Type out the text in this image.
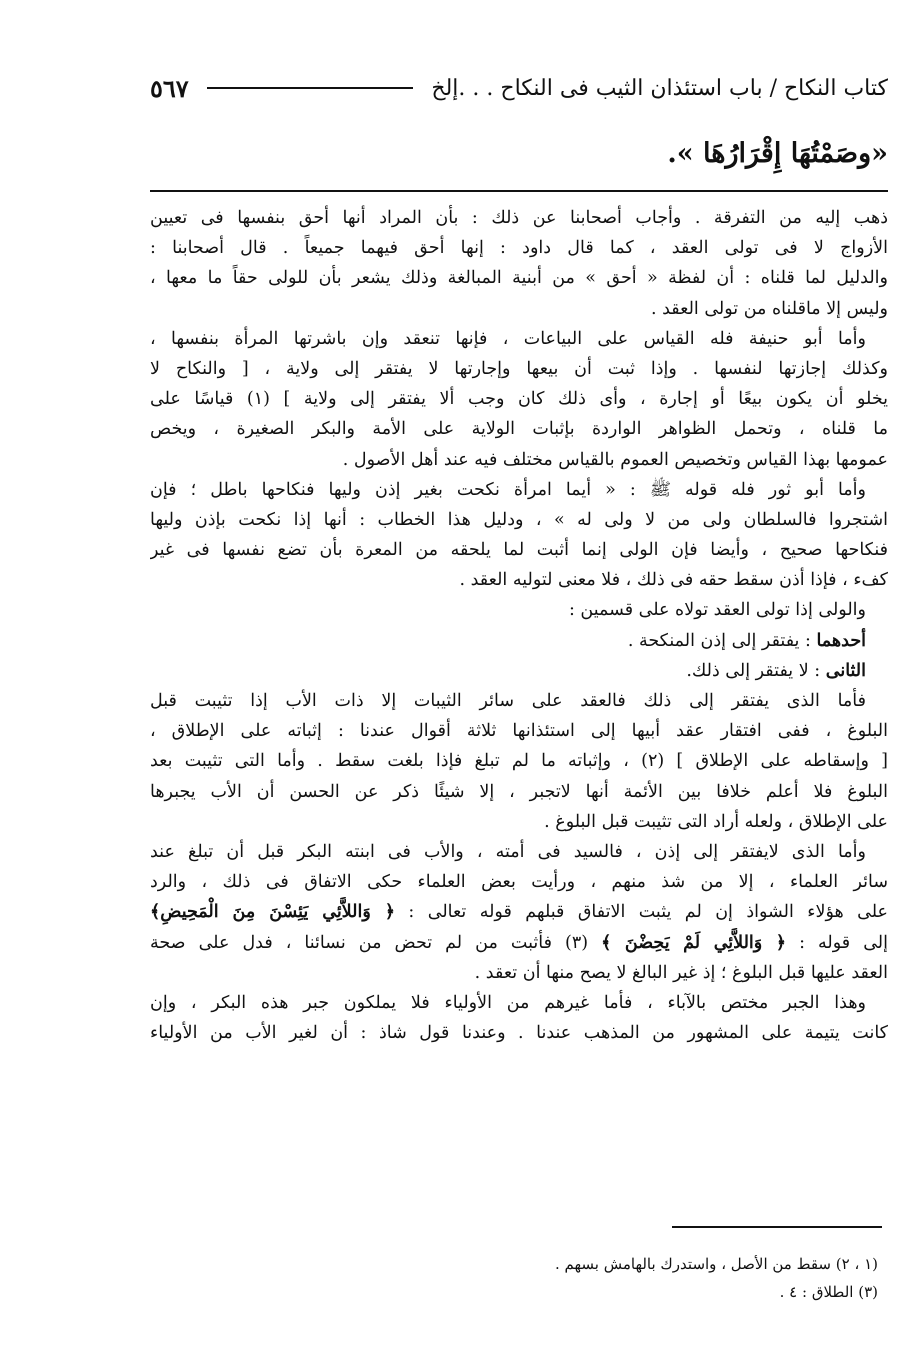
كتاب النكاح / باب استئذان الثيب فى النكاح . . .إلخ
٥٦٧
«وصَمْتُهَا إِقْرَارُهَا ».
ذهب إليه من التفرقة . وأجاب أصحابنا عن ذلك : بأن المراد أنها أحق بنفسها فى تعيين
الأزواج لا فى تولى العقد ، كما قال داود : إنها أحق فيهما جميعاً . قال أصحابنا :
والدليل لما قلناه : أن لفظة « أحق » من أبنية المبالغة وذلك يشعر بأن للولى حقاً ما معها ،
وليس إلا ماقلناه من تولى العقد .
وأما أبو حنيفة فله القياس على البياعات ، فإنها تنعقد وإن باشرتها المرأة بنفسها ،
وكذلك إجازتها لنفسها . وإذا ثبت أن بيعها وإجارتها لا يفتقر إلى ولاية ، [ والنكاح لا
يخلو أن يكون بيعًا أو إجارة ، وأى ذلك كان وجب ألا يفتقر إلى ولاية ] (١) قياسًا على
ما قلناه ، وتحمل الظواهر الواردة بإثبات الولاية على الأمة والبكر الصغيرة ، ويخص
عمومها بهذا القياس وتخصيص العموم بالقياس مختلف فيه عند أهل الأصول .
وأما أبو ثور فله قوله ﷺ : « أيما امرأة نكحت بغير إذن وليها فنكاحها باطل ؛ فإن
اشتجروا فالسلطان ولى من لا ولى له » ، ودليل هذا الخطاب : أنها إذا نكحت بإذن وليها
فنكاحها صحيح ، وأيضا فإن الولى إنما أثبت لما يلحقه من المعرة بأن تضع نفسها فى غير
كفء ، فإذا أذن سقط حقه فى ذلك ، فلا معنى لتوليه العقد .
والولى إذا تولى العقد تولاه على قسمين :
أحدهما : يفتقر إلى إذن المنكحة .
الثانى : لا يفتقر إلى ذلك.
فأما الذى يفتقر إلى ذلك فالعقد على سائر الثيبات إلا ذات الأب إذا تثيبت قبل
البلوغ ، ففى افتقار عقد أبيها إلى استئذانها ثلاثة أقوال عندنا : إثباته على الإطلاق ،
[ وإسقاطه على الإطلاق ] (٢) ، وإثباته ما لم تبلغ فإذا بلغت سقط . وأما التى تثيبت بعد
البلوغ فلا أعلم خلافا بين الأئمة أنها لاتجبر ، إلا شيئًا ذكر عن الحسن أن الأب يجبرها
على الإطلاق ، ولعله أراد التى تثيبت قبل البلوغ .
وأما الذى لايفتقر إلى إذن ، فالسيد فى أمته ، والأب فى ابنته البكر قبل أن تبلغ عند
سائر العلماء ، إلا من شذ منهم ، ورأيت بعض العلماء حكى الاتفاق فى ذلك ، والرد
على هؤلاء الشواذ إن لم يثبت الاتفاق قبلهم قوله تعالى : ﴿ وَاللاَّئِي يَئِسْنَ مِنَ الْمَحِيضِ﴾
إلى قوله : ﴿ وَاللاَّئِي لَمْ يَحِضْنَ ﴾ (٣) فأثبت من لم تحض من نسائنا ، فدل على صحة
العقد عليها قبل البلوغ ؛ إذ غير البالغ لا يصح منها أن تعقد .
وهذا الجبر مختص بالآباء ، فأما غيرهم من الأولياء فلا يملكون جبر هذه البكر ، وإن
كانت يتيمة على المشهور من المذهب عندنا . وعندنا قول شاذ : أن لغير الأب من الأولياء
(١ ، ٢) سقط من الأصل ، واستدرك بالهامش بسهم .
(٣) الطلاق : ٤ .
